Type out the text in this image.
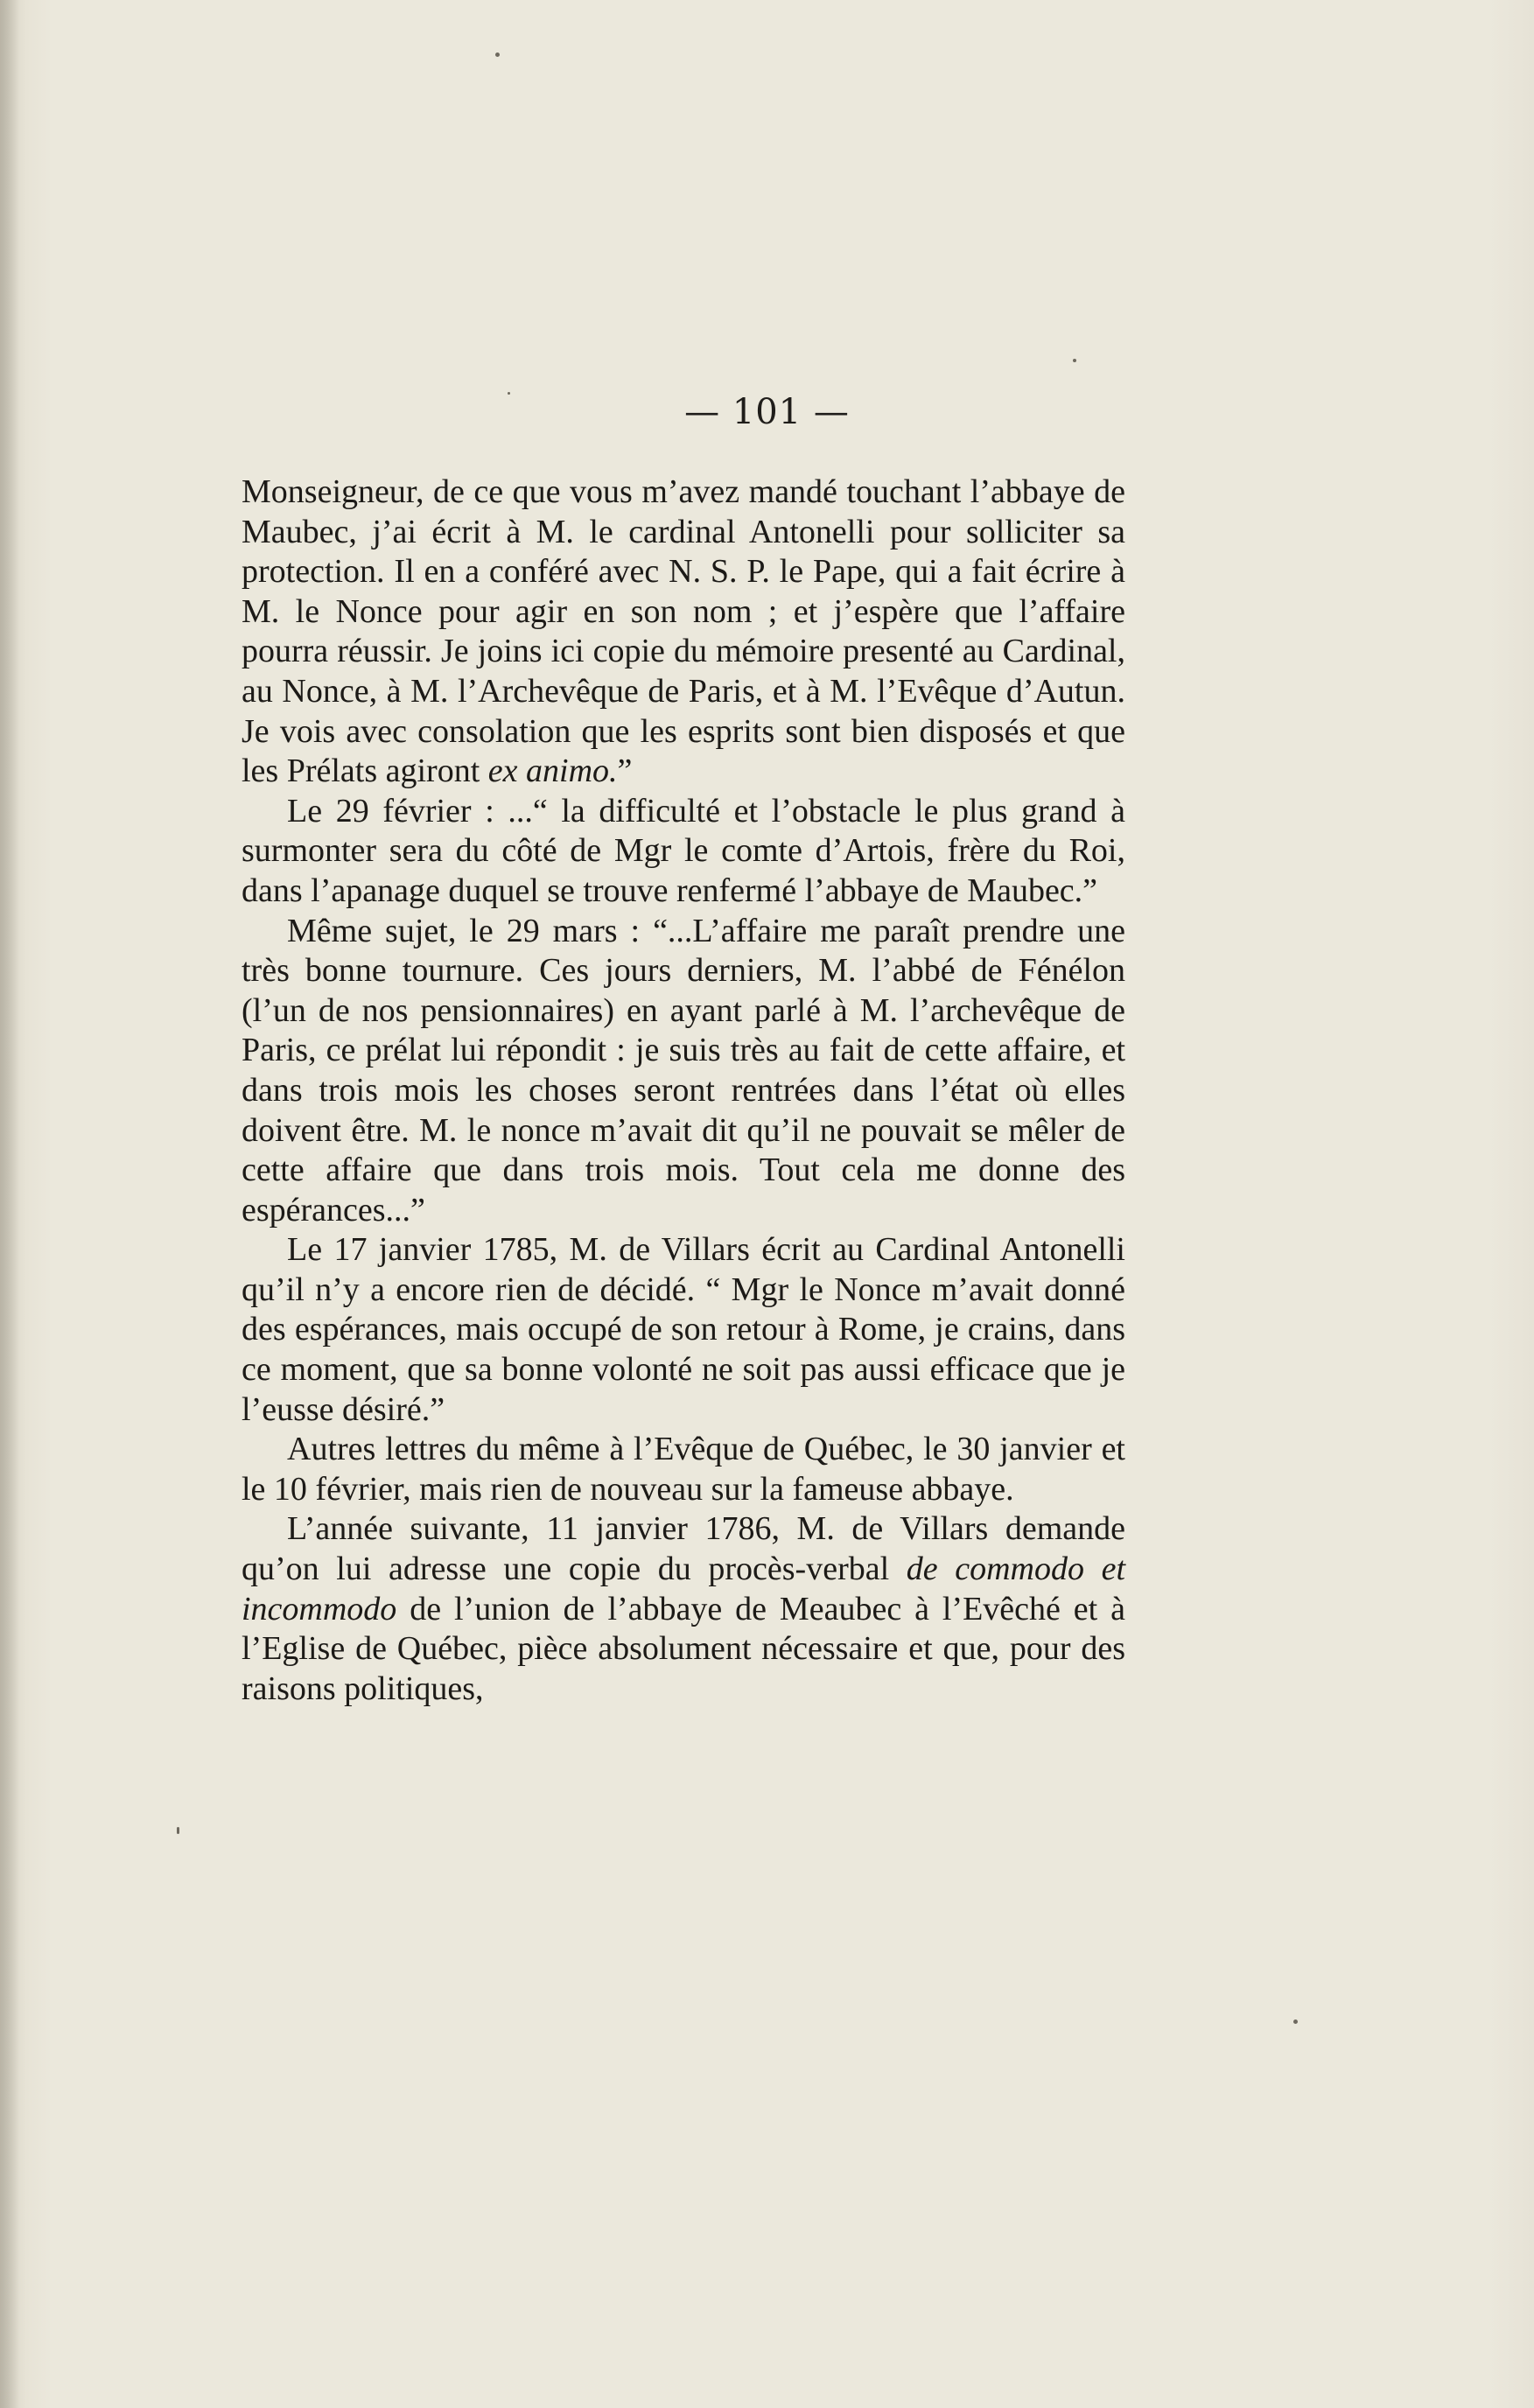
— 101 —

Monseigneur, de ce que vous m’avez mandé touchant l’abbaye de Maubec, j’ai écrit à M. le cardinal Antonelli pour solliciter sa protection. Il en a conféré avec N. S. P. le Pape, qui a fait écrire à M. le Nonce pour agir en son nom ; et j’espère que l’affaire pourra réussir. Je joins ici copie du mémoire presenté au Cardinal, au Nonce, à M. l’Archevêque de Paris, et à M. l’Evêque d’Autun. Je vois avec consolation que les esprits sont bien disposés et que les Prélats agiront ex animo.”

Le 29 février : ...“ la difficulté et l’obstacle le plus grand à surmonter sera du côté de Mgr le comte d’Artois, frère du Roi, dans l’apanage duquel se trouve renfermé l’abbaye de Maubec.”

Même sujet, le 29 mars : “...L’affaire me paraît prendre une très bonne tournure. Ces jours derniers, M. l’abbé de Fénélon (l’un de nos pensionnaires) en ayant parlé à M. l’archevêque de Paris, ce prélat lui répondit : je suis très au fait de cette affaire, et dans trois mois les choses seront rentrées dans l’état où elles doivent être. M. le nonce m’avait dit qu’il ne pouvait se mêler de cette affaire que dans trois mois. Tout cela me donne des espérances...”

Le 17 janvier 1785, M. de Villars écrit au Cardinal Antonelli qu’il n’y a encore rien de décidé. “ Mgr le Nonce m’avait donné des espérances, mais occupé de son retour à Rome, je crains, dans ce moment, que sa bonne volonté ne soit pas aussi efficace que je l’eusse désiré.”

Autres lettres du même à l’Evêque de Québec, le 30 janvier et le 10 février, mais rien de nouveau sur la fameuse abbaye.

L’année suivante, 11 janvier 1786, M. de Villars demande qu’on lui adresse une copie du procès-verbal de commodo et incommodo de l’union de l’abbaye de Meaubec à l’Evêché et à l’Eglise de Québec, pièce absolument nécessaire et que, pour des raisons politiques,
